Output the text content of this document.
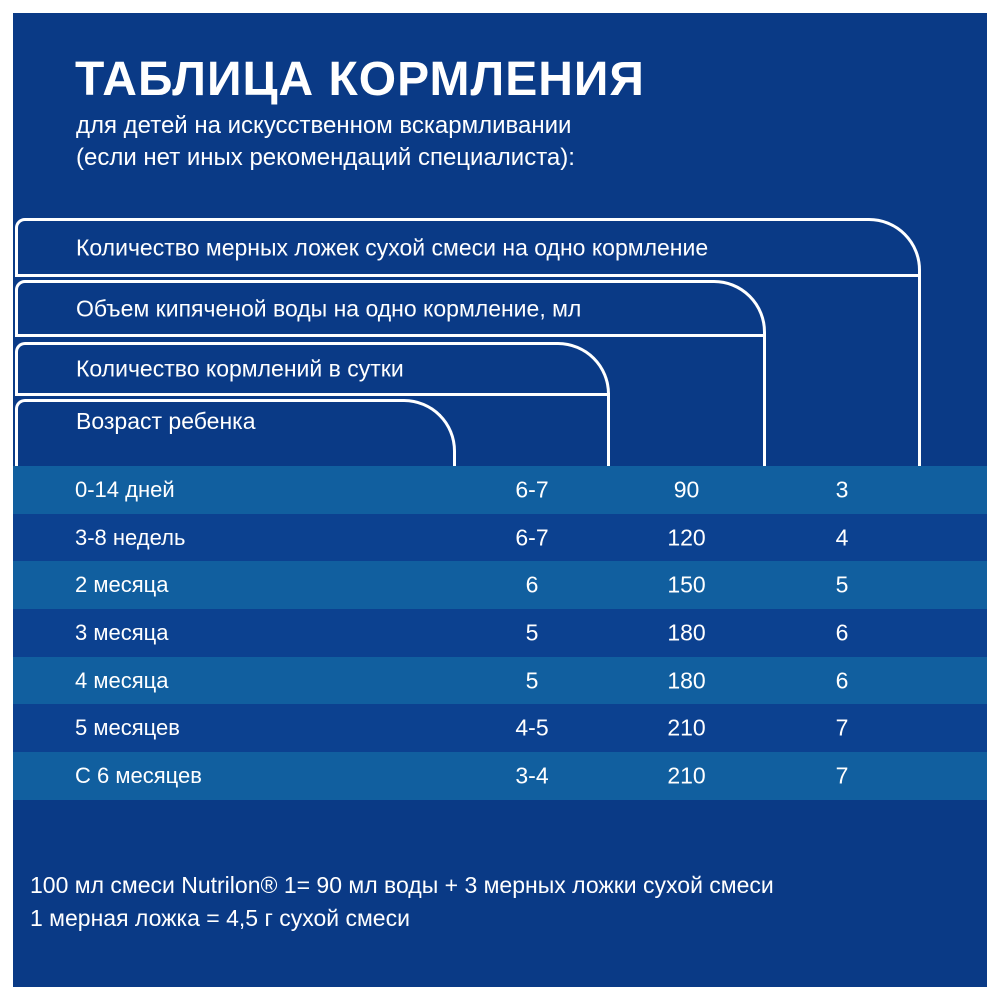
ТАБЛИЦА КОРМЛЕНИЯ
для детей на искусственном вскармливании
(если нет иных рекомендаций специалиста):
Количество мерных ложек сухой смеси на одно кормление
Объем кипяченой воды на одно кормление, мл
Количество кормлений в сутки
Возраст ребенка
0-14 дней	6-7	90	3
3-8 недель	6-7	120	4
2 месяца	6	150	5
3 месяца	5	180	6
4 месяца	5	180	6
5 месяцев	4-5	210	7
С 6 месяцев	3-4	210	7
100 мл смеси Nutrilon® 1= 90 мл воды + 3 мерных ложки сухой смеси
1 мерная ложка = 4,5 г сухой смеси
